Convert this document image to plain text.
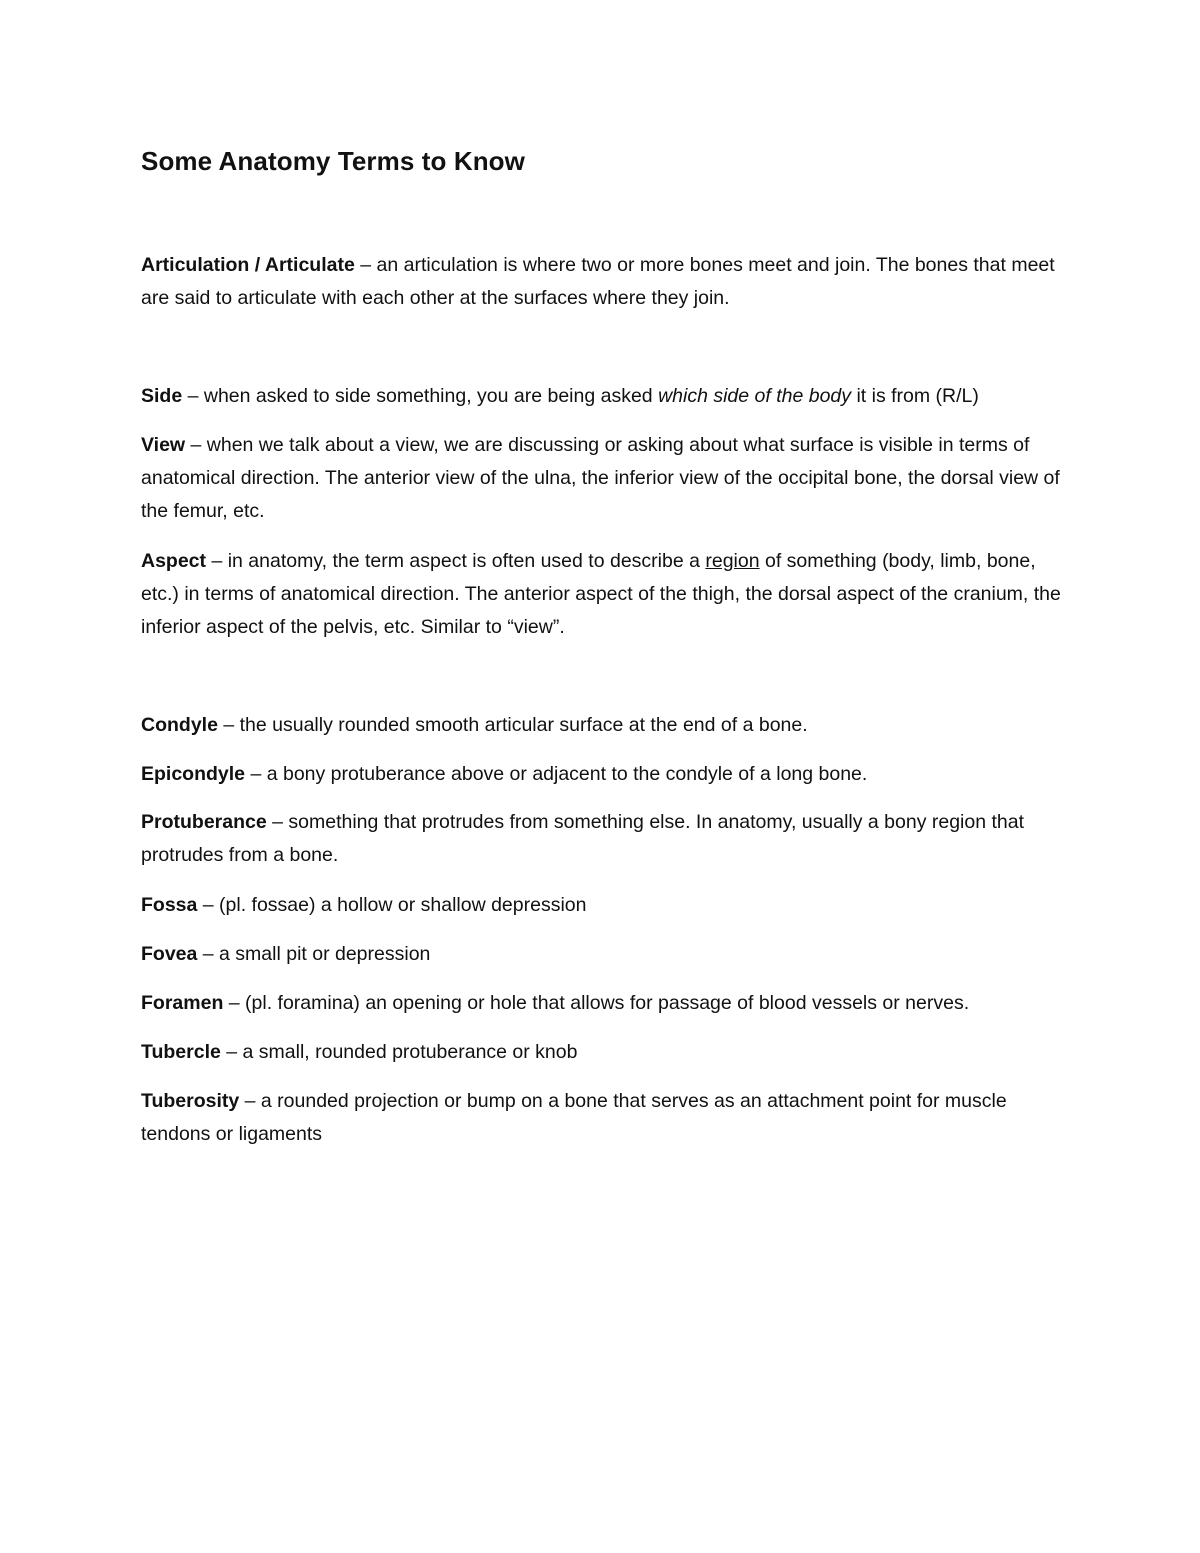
Some Anatomy Terms to Know

Articulation / Articulate – an articulation is where two or more bones meet and join. The bones that meet are said to articulate with each other at the surfaces where they join.

Side – when asked to side something, you are being asked which side of the body it is from (R/L)

View – when we talk about a view, we are discussing or asking about what surface is visible in terms of anatomical direction. The anterior view of the ulna, the inferior view of the occipital bone, the dorsal view of the femur, etc.

Aspect – in anatomy, the term aspect is often used to describe a region of something (body, limb, bone, etc.) in terms of anatomical direction. The anterior aspect of the thigh, the dorsal aspect of the cranium, the inferior aspect of the pelvis, etc. Similar to “view”.

Condyle – the usually rounded smooth articular surface at the end of a bone.

Epicondyle – a bony protuberance above or adjacent to the condyle of a long bone.

Protuberance – something that protrudes from something else. In anatomy, usually a bony region that protrudes from a bone.

Fossa – (pl. fossae) a hollow or shallow depression

Fovea – a small pit or depression

Foramen – (pl. foramina) an opening or hole that allows for passage of blood vessels or nerves.

Tubercle – a small, rounded protuberance or knob

Tuberosity – a rounded projection or bump on a bone that serves as an attachment point for muscle tendons or ligaments
